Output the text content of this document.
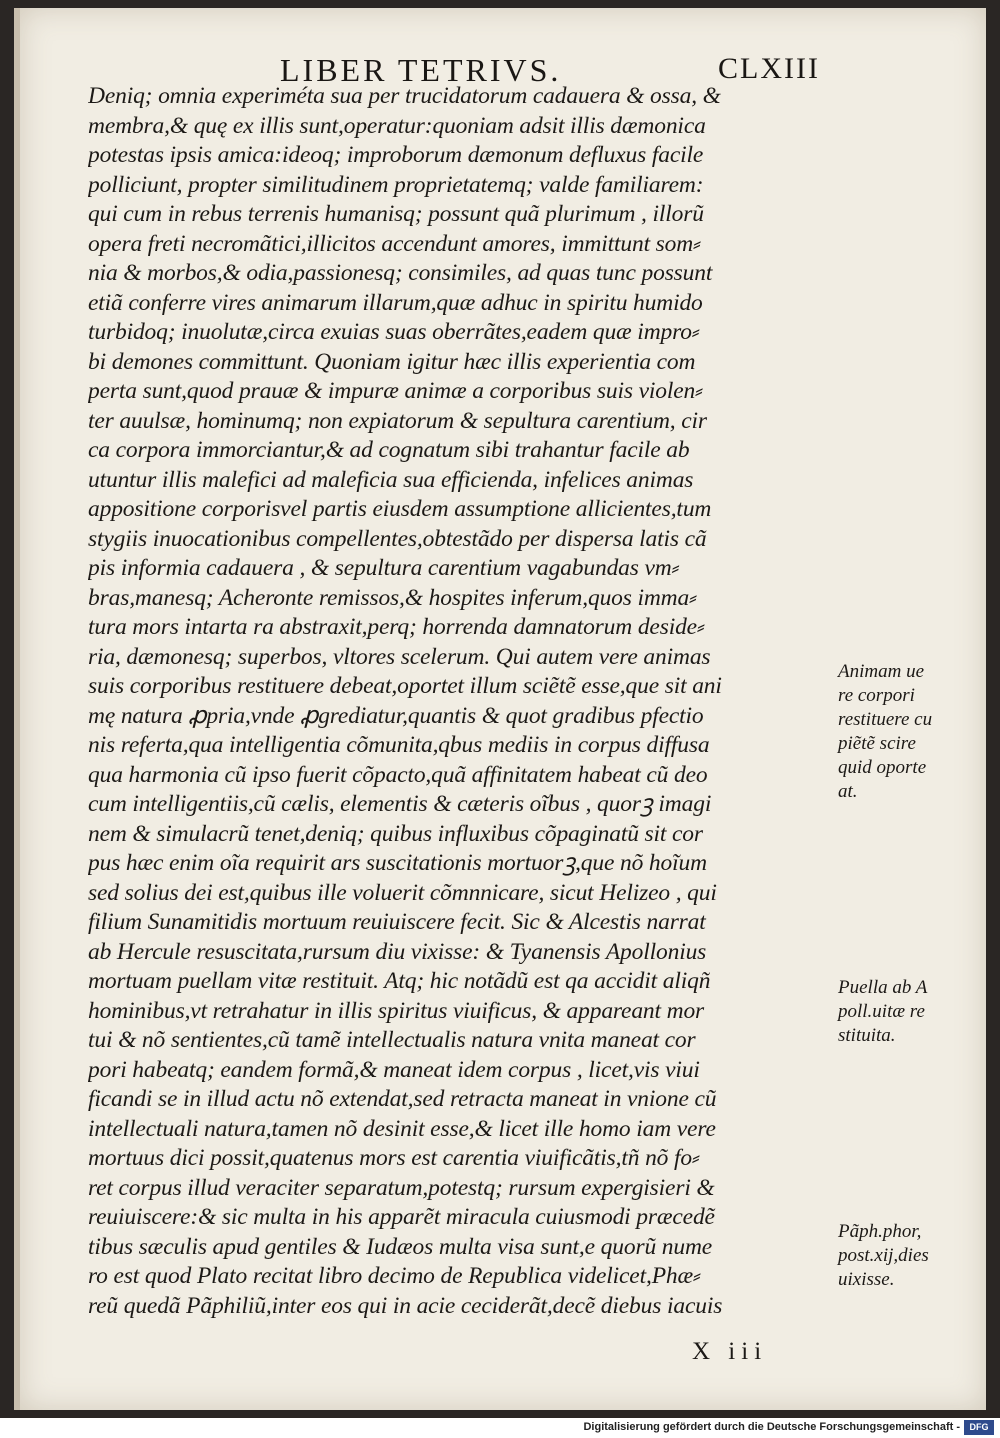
LIBER TETRIVS.	CLXIII
Deniq; omnia experiméta sua per trucidatorum cadauera & ossa, &
membra,& quę ex illis sunt,operatur:quoniam adsit illis dæmonica
potestas ipsis amica:ideoq; improborum dæmonum defluxus facile
polliciunt, propter similitudinem proprietatemq; valde familiarem:
qui cum in rebus terrenis humanisq; possunt quã plurimum , illorũ
opera freti necromãtici,illicitos accendunt amores, immittunt som⸗
nia & morbos,& odia,passionesq; consimiles, ad quas tunc possunt
etiã conferre vires animarum illarum,quæ adhuc in spiritu humido
turbidoq; inuolutæ,circa exuias suas oberrãtes,eadem quæ impro⸗
bi demones committunt. Quoniam igitur hæc illis experientia com
perta sunt,quod prauæ & impuræ animæ a corporibus suis violen⸗
ter auulsæ, hominumq; non expiatorum & sepultura carentium, cir
ca corpora immorciantur,& ad cognatum sibi trahantur facile ab
utuntur illis malefici ad maleficia sua efficienda, infelices animas
appositione corporisvel partis eiusdem assumptione allicientes,tum
stygiis inuocationibus compellentes,obtestãdo per dispersa latis cã
pis informia cadauera , & sepultura carentium vagabundas vm⸗
bras,manesq; Acheronte remissos,& hospites inferum,quos imma⸗
tura mors intarta ra abstraxit,perq; horrenda damnatorum deside⸗
ria, dæmonesq; superbos, vltores scelerum. Qui autem vere animas
suis corporibus restituere debeat,oportet illum sciẽtẽ esse,que sit ani
mę natura ꝓpria,vnde ꝓgrediatur,quantis & quot gradibus pfectio
nis referta,qua intelligentia cõmunita,qbus mediis in corpus diffusa
qua harmonia cũ ipso fuerit cõpacto,quã affinitatem habeat cũ deo
cum intelligentiis,cũ cælis, elementis & cæteris oĩbus , quorꝫ imagi
nem & simulacrũ tenet,deniq; quibus influxibus cõpaginatũ sit cor
pus hæc enim oĩa requirit ars suscitationis mortuorꝫ,que nõ hoĩum
sed solius dei est,quibus ille voluerit cõmnnicare, sicut Helizeo , qui
filium Sunamitidis mortuum reuiuiscere fecit. Sic & Alcestis narrat
ab Hercule resuscitata,rursum diu vixisse: & Tyanensis Apollonius
mortuam puellam vitæ restituit. Atq; hic notãdũ est qa accidit aliqñ
hominibus,vt retrahatur in illis spiritus viuificus, & appareant mor
tui & nõ sentientes,cũ tamẽ intellectualis natura vnita maneat cor
pori habeatq; eandem formã,& maneat idem corpus , licet,vis viui
ficandi se in illud actu nõ extendat,sed retracta maneat in vnione cũ
intellectuali natura,tamen nõ desinit esse,& licet ille homo iam vere
mortuus dici possit,quatenus mors est carentia viuificãtis,tñ nõ fo⸗
ret corpus illud veraciter separatum,potestq; rursum expergisieri &
reuiuiscere:& sic multa in his apparẽt miracula cuiusmodi præcedẽ
tibus sæculis apud gentiles & Iudæos multa visa sunt,e quorũ nume
ro est quod Plato recitat libro decimo de Republica videlicet,Phæ⸗
reũ quedã Pãphiliũ,inter eos qui in acie ceciderãt,decẽ diebus iacuis
Animam ue
re corpori
restituere cu
piẽtẽ scire
quid oporte
at.
Puella ab A
poll.uitæ re
stituita.
Pãph.phor,
post.xij,dies
uixisse.
X iii
Digitalisierung gefördert durch die Deutsche Forschungsgemeinschaft -	DFG
